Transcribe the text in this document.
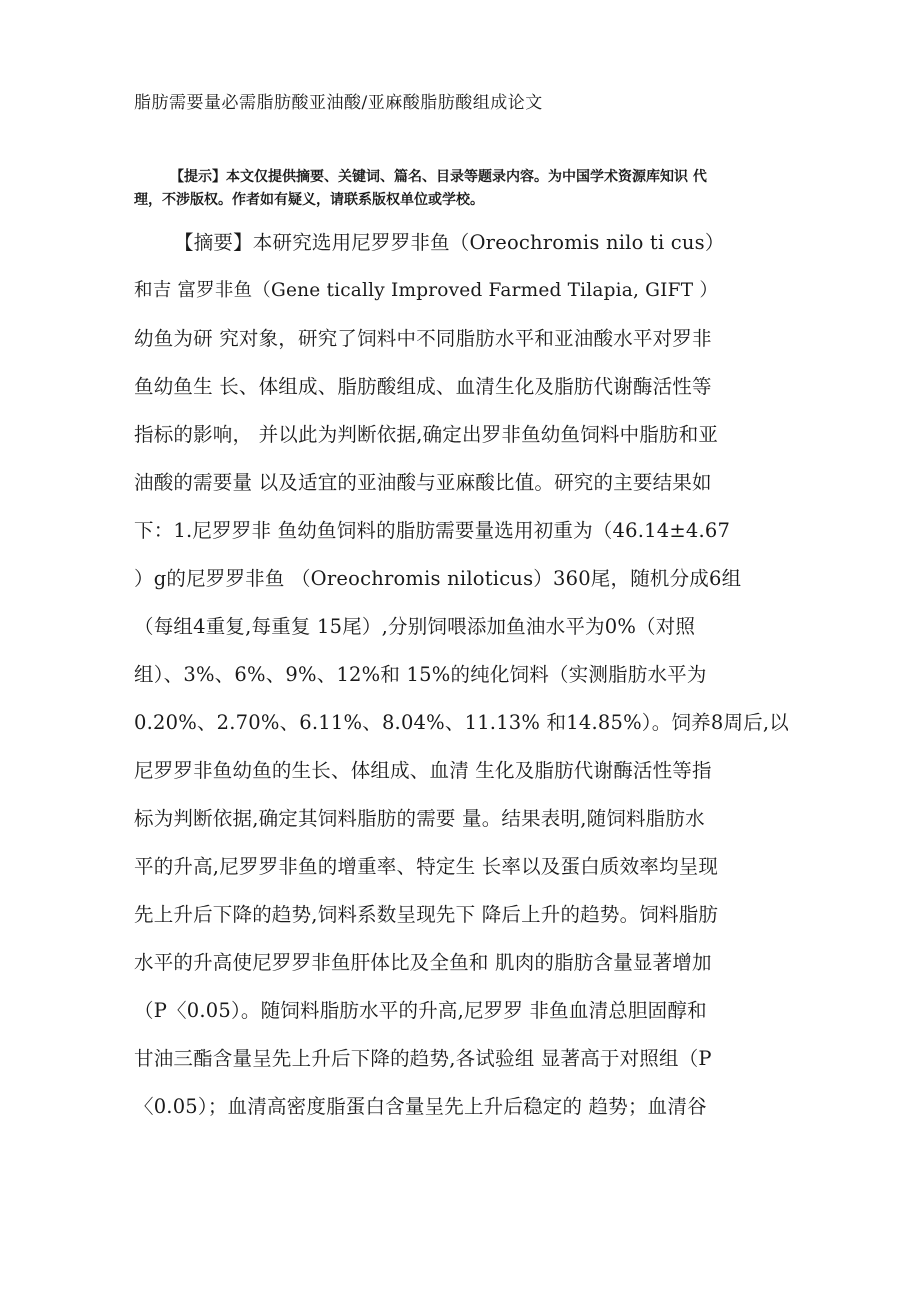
脂肪需要量必需脂肪酸亚油酸/亚麻酸脂肪酸组成论文
【提示】本文仅提供摘要、关键词、篇名、目录等题录内容。为中国学术资源库知识 代
理，不涉版权。作者如有疑义，请联系版权单位或学校。
【摘要】本研究选用尼罗罗非鱼（Oreochromis nilo ti cus）
和吉 富罗非鱼（Gene tically Improved Farmed Tilapia, GIFT ）
幼鱼为研 究对象，研究了饲料中不同脂肪水平和亚油酸水平对罗非
鱼幼鱼生 长、体组成、脂肪酸组成、血清生化及脂肪代谢酶活性等
指标的影响， 并以此为判断依据,确定出罗非鱼幼鱼饲料中脂肪和亚
油酸的需要量 以及适宜的亚油酸与亚麻酸比值。研究的主要结果如
下：1.尼罗罗非 鱼幼鱼饲料的脂肪需要量选用初重为（46.14±4.67
）g的尼罗罗非鱼 （Oreochromis niloticus）360尾，随机分成6组
（每组4重复,每重复 15尾）,分别饲喂添加鱼油水平为0%（对照
组）、3%、6%、9%、12%和 15%的纯化饲料（实测脂肪水平为
0.20%、2.70%、6.11%、8.04%、11.13% 和14.85%）。饲养8周后,以
尼罗罗非鱼幼鱼的生长、体组成、血清 生化及脂肪代谢酶活性等指
标为判断依据,确定其饲料脂肪的需要 量。结果表明,随饲料脂肪水
平的升高,尼罗罗非鱼的增重率、特定生 长率以及蛋白质效率均呈现
先上升后下降的趋势,饲料系数呈现先下 降后上升的趋势。饲料脂肪
水平的升高使尼罗罗非鱼肝体比及全鱼和 肌肉的脂肪含量显著增加
（P〈0.05）。随饲料脂肪水平的升高,尼罗罗 非鱼血清总胆固醇和
甘油三酯含量呈先上升后下降的趋势,各试验组 显著高于对照组（P
〈0.05）；血清高密度脂蛋白含量呈先上升后稳定的 趋势；血清谷
